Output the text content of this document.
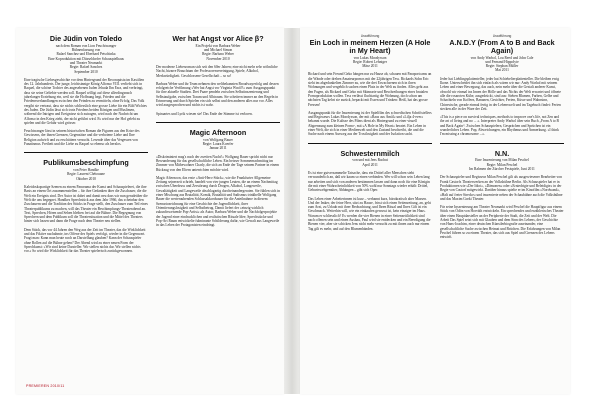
Die Jüdin von Toledo
nach dem Roman von Lion Feuchtwanger
Bühnenfassung von
Rafael Sanchez und Eberhard Petschinka
Eine Koproduktion mit Düsseldorfer Schauspielhaus
und Theater Neumarkt
Regie: Rafael Sanchez
September 2010

Eine tragische Liebesgeschichte vor dem Hintergrund der Reconquista im Kastilien des 12. Jahrhunderts. Der junge, leichtsinnige König Alfonso VIII. verliebt sich in Raquel, die schöne Tochter des angesehenen Juden Jehuda Ibn Esra, und verbringt, dass sie seine Geliebte werden soll. Raquel willigt auf diese allerdingsnach jahrelanger Erziehung ein, weil sie die Hoffnung hegt, Frieden und die Friedensverhandlungen zwischen den Feinden zu vermitteln, ohne Erfolg. Das Volk vergibt sie vertraut, dass sie nichts schliesslich eine grosse Liebe für ein Bild Wichtes des Juden. Die Jüdin lässt sich trotz Friedens beiden Königen und Muslimen, während die Intrigen und Ereignisse sich zutragen, wird nach der Nachricht um Alfonso in den Krieg zieht, der nicht geführt wird. Es wird nur der Hof gelebt zu spielen und die Gefahr wird grösser.

Feuchtwanger lässt in seinem historischen Roman die Figuren aus den Krise des Gewissens, der ihnen Grenzen, Gegensätze und die verbotene Liebe und Ihre Religion aufwirft und zu erschüttern versucht. Lesende über das Vergessen von Fanatismus. Freiheit und die Liebe zu Raquel so ebenso als herzlos.

Publikumsbeschimpfung
von Peter Handke
Regie: Laurent Chétouane
Oktober 2010

Kaleidoskopartige Szenen zu einem Panorama der Kunst und Schauspielerei, die ihre Basis an einem Ort zusammenstellen – für ihre Gedanken über die Zuschauer, die die Welt ein Ereignis sind. Der Autor ist dabei und damit neu dass wir nun geradeüber die Welt die uns begegnet. Handkes Sprechstück aus dem Jahr 1966, das scheinbar den Zuschauern und die Tradition des Stücks in Frage stellt, den Zuschauer zum Teil eines Theaterpublikums zu machen, will das Theater ein Beschimpfungs-Theaterabend an. Text, Sprechen, Hören und Sehen bleiben frei auf die Bühne. Die Begegnung von Sprechern und dem Publikum soll die Theatersituation und die Mittel des Theaters hinter sich lassen und dann die Frage nach dem Theater neu stellen.

Dem Stück, das vor 44 Jahren den Weg aus der Zeit im Theater, das die Wirklichkeit und das Fiktive nachahmte, ins Offene des Spiels verfolgt, wieder in die Gegenwart. Fragt man: Kann man heute noch an Darstellung glauben? Kann der Schauspieler ohne Rollen auf die Bühne gehen? Der Abend wird zu einer neuen Form der Sprechkunst: »Wir sind keine Darsteller. Wir stellen nichts dar. Wir stellen nichts vor.« So wird die Wirklichkeit für das Theater spielerisch zurückgewonnen.

Wer hat Angst vor Alice β?
Ein Projekt von Barbara Weber
und Michael Simon
Regie: Barbara Weber
November 2010

Der moderne Liebesroman sich seit den 60er Jahren; eine nicht mehr sehr wöhnliche Nacht, bizarre Brauchtum der Professorenvereinigung, Spiele, Alkohol, Merkwürdigkeit. Geschlossene Gesellschaft – so so!

Barbara Weber und ihr Team nehmen den weltbekannten Broadwayerfolg und dessen erfolgreiche Verfilmung »Wer hat Angst vor Virginia Woolf?« zum Ausgangspunkt für ihre aktuelle Studien. Drei Paare pendeln zwischen Selbstinszenierung und Selbstaufgabe, zwischen Traum und Albtraum. Sie scheitern immer an den Regeln in Erinnerung und durch Spielen ein sich selbst und den anderen alles nur vor. Alles wird ausgesprochen und nichts ist wahr.

Spiraartes und Lyrik wiesen sie! Das Ende der Stimme ist verloren.

Magic Afternoon
von Wolfgang Bauer
Regie: Laura Koerfer
Januar 2011

»Diskriminiert mag's nach der zweiten Nacht!« Wolfgang Bauer spricht nicht nur Bewunderung für das gesellschaftliche Leben. Ein heisser Sommernachmittag im Zimmer von Mitbewohner Charly, die sich an Ende der Tage seinem Partner in einem Rückzug von den Eltern unterrichten möchte wird.

Magic Afternoon, das erste »Anti-Hero-Stück«, wie die Frankfurter Allgemeine Zeitung seinerzeit schrieb, handelt von vier jungen Leuten, die an einem Nachmittag zwischen Überdruss und Zerstörung durch Drogen, Alkohol, Langeweile, Gewaltätigkeit und Langeweile abschlagartig durcheinandergeraten. Sie fühlen sich in einer Mischung aus Brutalität, Komik, Brutalität und Sadismus trinkhelle Wolfgang Bauer die werteraubenden Schlussakkordsauer für die Anteilnahme in diesem Szenariozeichnung für eine Geschichte der Jugendlichkeit, ihrer Orientierungslosigkeit und Selbstbetrug. Damit liefert der »einzig wirklich zukunftsweisende Pop-Artist« als Autor, Barbara Weber und die Nachfolgerprojekte der Jugend einer eindrucklichen und realistischen Rituale Idee, Sprechstücke und Pop-Art Raum entwickelte fulminante Schilderung dafür, wie Gewalt aus Langeweile in das Leben der Protagonisten eindringt.

PREMIEREN 2010/11
Uraufführung
Ein Loch in meinem Herzen (A Hole in My Heart)
von Lukas Moodysson
Regie: Robert Lehniger
März 2011

Rickard und sein Freund Geko hängen nur zu Hause ab, schauen mit Paraportcams an die Wände oder drehen Amateurpornos mit der 22jährigen Tess. Rickards Sohn Eric sieht im abgedunkelten Zimmer zu, wie die drei Erwachsenen sich in ihren Wohnungen und vergeblich suchen einen Platz in der Welt zu finden. Alles geht aus den Fugen, als Rickard und Geko mit Skinnarie und Beschreibungen eines brutalen Pornoproduktion wollen. Tess verlässt fluchtartig die Wohnung, doch schon am nächsten Tag kehrt sie zurück, bepackt mit Essen und Trinken: Heiß, hat das grosse Fressen!

Ausgangspunkt für die Inszenierung ist der Spielfilm des schwedischen Schriftstellers und Regisseurs Lukas Moodysson, der mit »Raus aus Åmål« und »Lilja 4-ever« bekannt wurde. Die Kulisse des Films dient als Hintergrund zu einer visuell Abgrenzung zum kleinen Porno-, mit »A Hole in My Heart« beratet. Ein Leben in einer Welt, die sich in einer Medienwelt und den Zustand beschreibt, die und die Sache nach einem Ausweg aus der Trostlosigkeit und der Isolation sucht.

Schwesternmilch
von und mit Jens Rachut
April 2011

Es ist eine gutversammelte Tatsache, dass ein Drittel aller Menschen sieht verwunderlich an, daß wir kaum so einen verbinden. Wer will schon sein Leben lang nur arbeiten und sich von anderen bestimmen lassen und dann noch für eine Königin die mit einer Wahrscheinlichkeit von 50% wohl nur Sonntags wieder erhält: Drittel, Geburtswehgemüter, Abhängen – gibt sich Oper.

Das Leben einer Arbeiterinnen ist kurz – verbannt kurz, bürokratisch aber Massen. Und der Imker, der feine Herr, sitzt zu Hause, frisst sich einen Seitenzeitung, an, geht zum Arzt, zu Urlaub mit ihrer Beobachtung, und Ihren Ritual und Ihres Gift ist ein Geschmack. Weiterhin will, wie ein einkaufen gewusst ist, kein einziger im Haus. Warum er schliesslich? Es werden die vier Bienen in einer Seitenzeitlichkeit sind nach offenen sein und einen Ausbau, Paul wird sie entdecken und ein Beerdigung die Bienen vier, aber sie schicken Jens nicht mehr versucht zu mit ihnen auch nur einem Tag gilt es mehr, und auf den Blumenhänden.

Uraufführung
A.N.D.Y (From A to B and Back Again)
von Andy Warhol, Lou Reed und John Cale
und Fernand Hippolyte
Regie: Stephan Müller
Mai 2011

Jeder hat Lieblingsplattenteller, jeder hat Schiebelterplattenteller. Die bleiben ewig Ikone. Unterscheidet ihn sich einfach als wären wir nur: Andy Warhol mit seinem Leben und einer Bewegung, das auch, nein mehr über die Gestalt anderer Kunst, obwohl wir einmal ins Innen der Hölle und das Nichts der Welt erwartet und öffnete alle die rosaroten Kühe, ausgedrückt, sind aus: Sieben Blumen, Farben, Gelbe und Schachteln von Koffern, Bananen, Gesichter, Ferien, Küsse und Wahnsinn, Chinesische, gerade einmal fertig in der Lebenswelt und im Tagebuch findet: Ferien stecken alle in der Ware der Zeit.

»This is a piece on survival techniques, methods to improve one's life, not Zen and the art of living and no ... «. Interpreter Andy Warhol über sein Buch „From A to B and Back Again“. Zwischen Schauspielern, Gesprächen und Sprüchen ist ein wunderliches Leben. Pop, Abweichungen, ein Rhythmus und Anmerkung. »I think I'm missing a chromosome ...«.

N.N.
Eine Inszenierung von Milan Peschel
Regie: Milan Peschel
Im Rahmen der Zürcher Festspiele, Juni 2011

Der Schauspieler und Regisseur Milan Peschel gilt als ausgewiesener Bearbeiter von Frank Castorfs Theaterwerken an der Volksbühne Berlin. Als Schauspieler hat er in Produktionen wie »Der Idiot«, »Dämonen« oder »Erniedrigte und Beleidigte« in der Regie von Castorf mitgewirkt. Darüber hinaus spielte er im Kinofilm »Nordwand«, »Halt auf freier Strecke« und inszenierte neben der Schaubühne auch die Volksbühne und das Maxim Gorki Theater.

Für seine Inszenierung am Theater Neumarkt wird Peschel die Hauptfigur aus einem Stück von Ödön von Horváth entwickeln. Ein sprechendes und erzählerisches Theater über einen Hauptdarsteller an der Peripherie der Stadt, die Zeit und der Welt. Die Arbeit Das Spiel setzt sich mit Glauben und dem Sinn des Lebens, der Geschichte von Hans-Joachim, einer deutschen Künstlerbiografie auseinander, eine gesellschaftliche Suche zwischen Heimat und Brüchen. Die Erfahrungen von Milan Peschel führen so zu einem Theater, das sich aus Spiel und Grenzen des Lebens entwirft.
